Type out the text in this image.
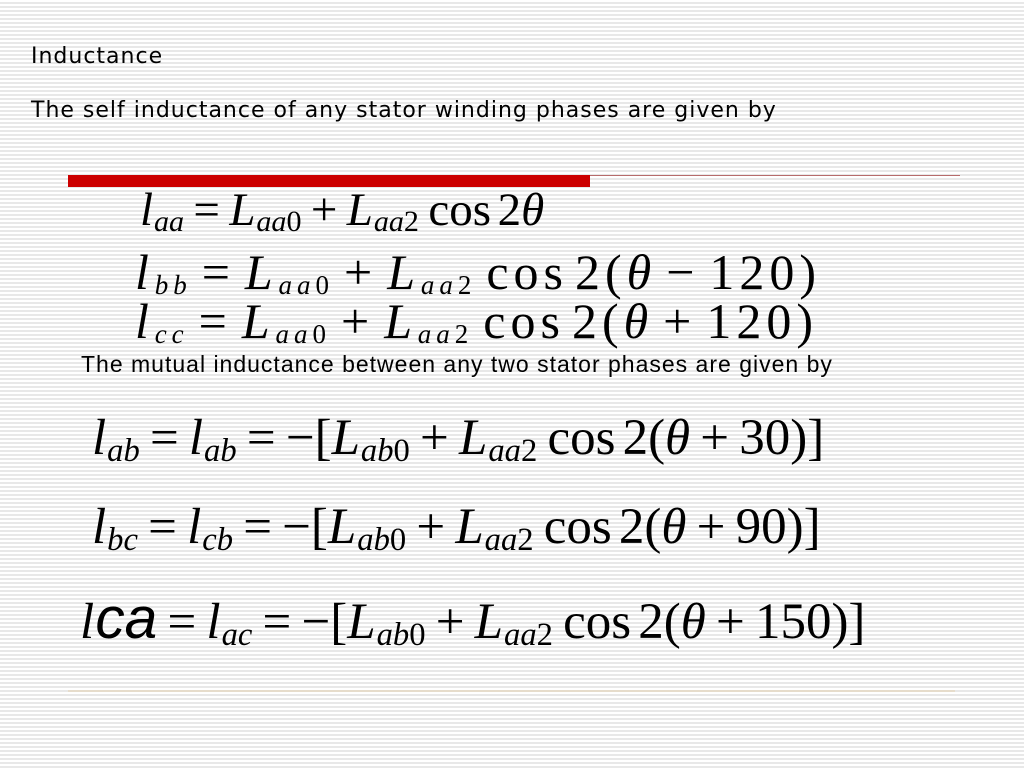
Inductance
The self inductance of any stator winding phases are given by
laa = Laa0 + Laa2 cos 2θ
lbb = Laa0 + Laa2 cos 2(θ − 120)
lcc = Laa0 + Laa2 cos 2(θ + 120)
The mutual inductance between any two stator phases are given by
lab = lab = −[Lab0 + Laa2 cos 2(θ + 30)]
lbc = lcb = −[Lab0 + Laa2 cos 2(θ + 90)]
lca = lac = −[Lab0 + Laa2 cos 2(θ + 150)]
